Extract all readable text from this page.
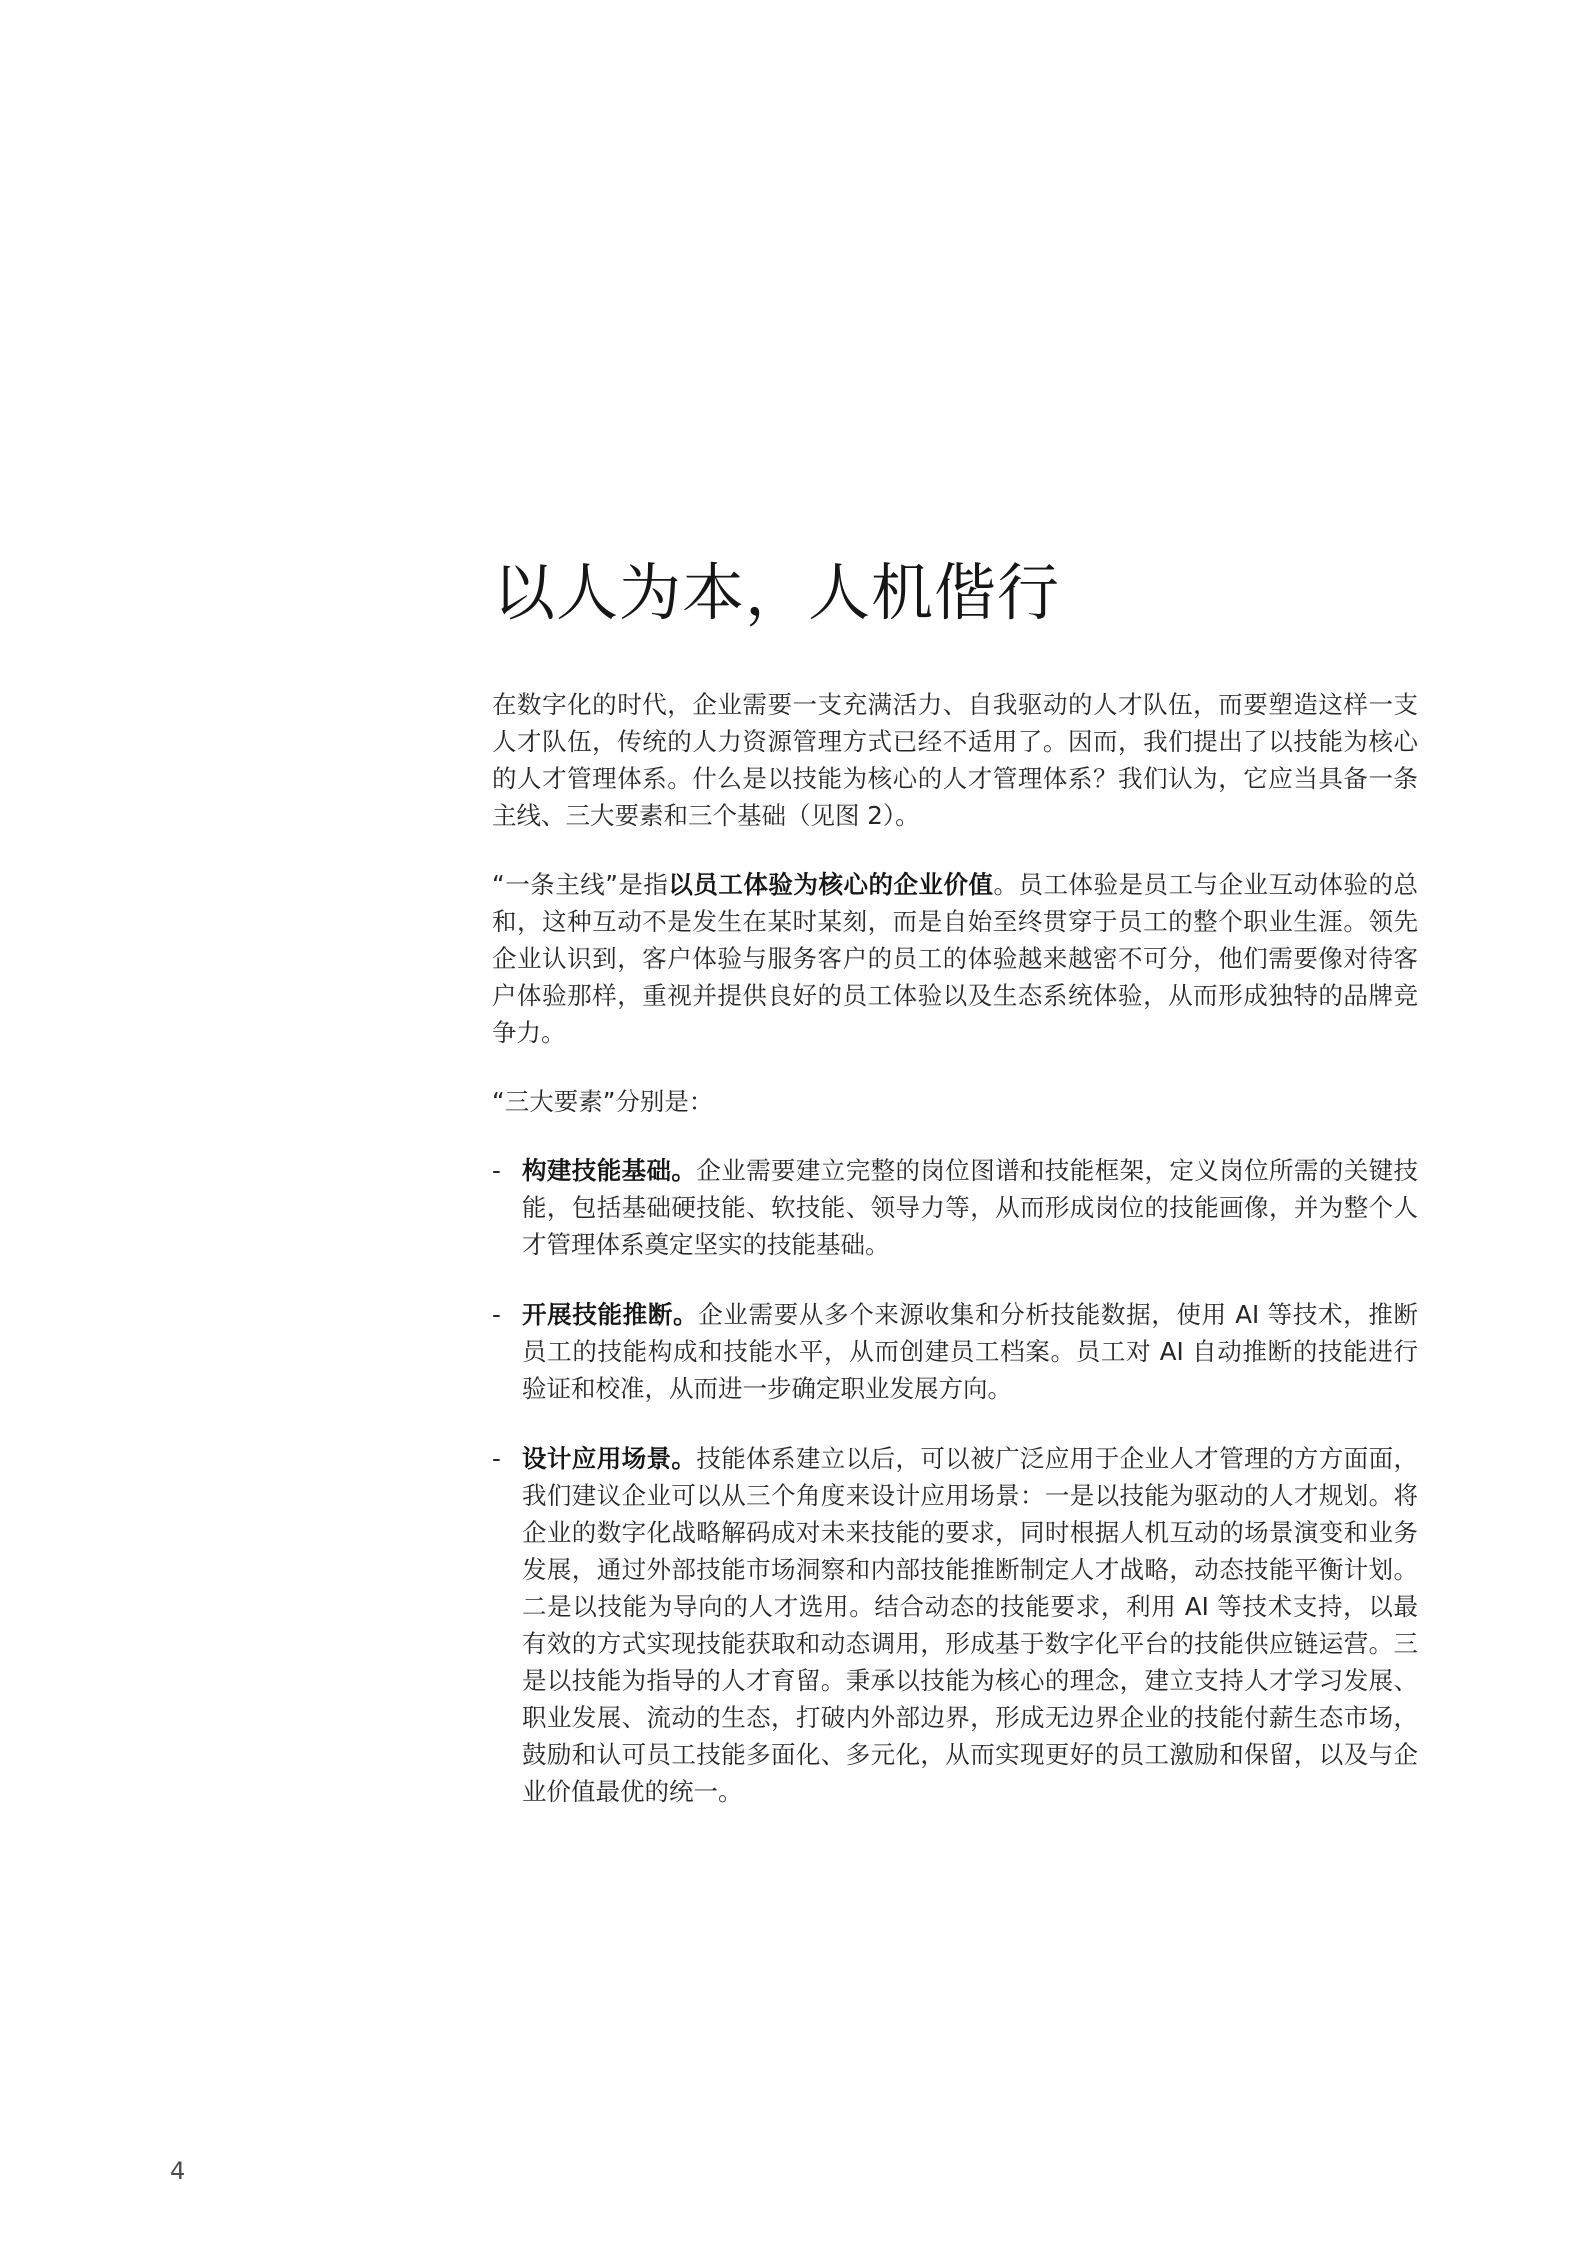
以人为本，人机偕行

在数字化的时代，企业需要一支充满活力、自我驱动的人才队伍，而要塑造这样一支人才队伍，传统的人力资源管理方式已经不适用了。因而，我们提出了以技能为核心的人才管理体系。什么是以技能为核心的人才管理体系？我们认为，它应当具备一条主线、三大要素和三个基础（见图 2）。

“一条主线”是指以员工体验为核心的企业价值。员工体验是员工与企业互动体验的总和，这种互动不是发生在某时某刻，而是自始至终贯穿于员工的整个职业生涯。领先企业认识到，客户体验与服务客户的员工的体验越来越密不可分，他们需要像对待客户体验那样，重视并提供良好的员工体验以及生态系统体验，从而形成独特的品牌竞争力。

“三大要素”分别是：

- 构建技能基础。企业需要建立完整的岗位图谱和技能框架，定义岗位所需的关键技能，包括基础硬技能、软技能、领导力等，从而形成岗位的技能画像，并为整个人才管理体系奠定坚实的技能基础。
- 开展技能推断。企业需要从多个来源收集和分析技能数据，使用 AI 等技术，推断员工的技能构成和技能水平，从而创建员工档案。员工对 AI 自动推断的技能进行验证和校准，从而进一步确定职业发展方向。
- 设计应用场景。技能体系建立以后，可以被广泛应用于企业人才管理的方方面面，我们建议企业可以从三个角度来设计应用场景：一是以技能为驱动的人才规划。将企业的数字化战略解码成对未来技能的要求，同时根据人机互动的场景演变和业务发展，通过外部技能市场洞察和内部技能推断制定人才战略，动态技能平衡计划。二是以技能为导向的人才选用。结合动态的技能要求，利用 AI 等技术支持，以最有效的方式实现技能获取和动态调用，形成基于数字化平台的技能供应链运营。三是以技能为指导的人才育留。秉承以技能为核心的理念，建立支持人才学习发展、职业发展、流动的生态，打破内外部边界，形成无边界企业的技能付薪生态市场，鼓励和认可员工技能多面化、多元化，从而实现更好的员工激励和保留，以及与企业价值最优的统一。
4
